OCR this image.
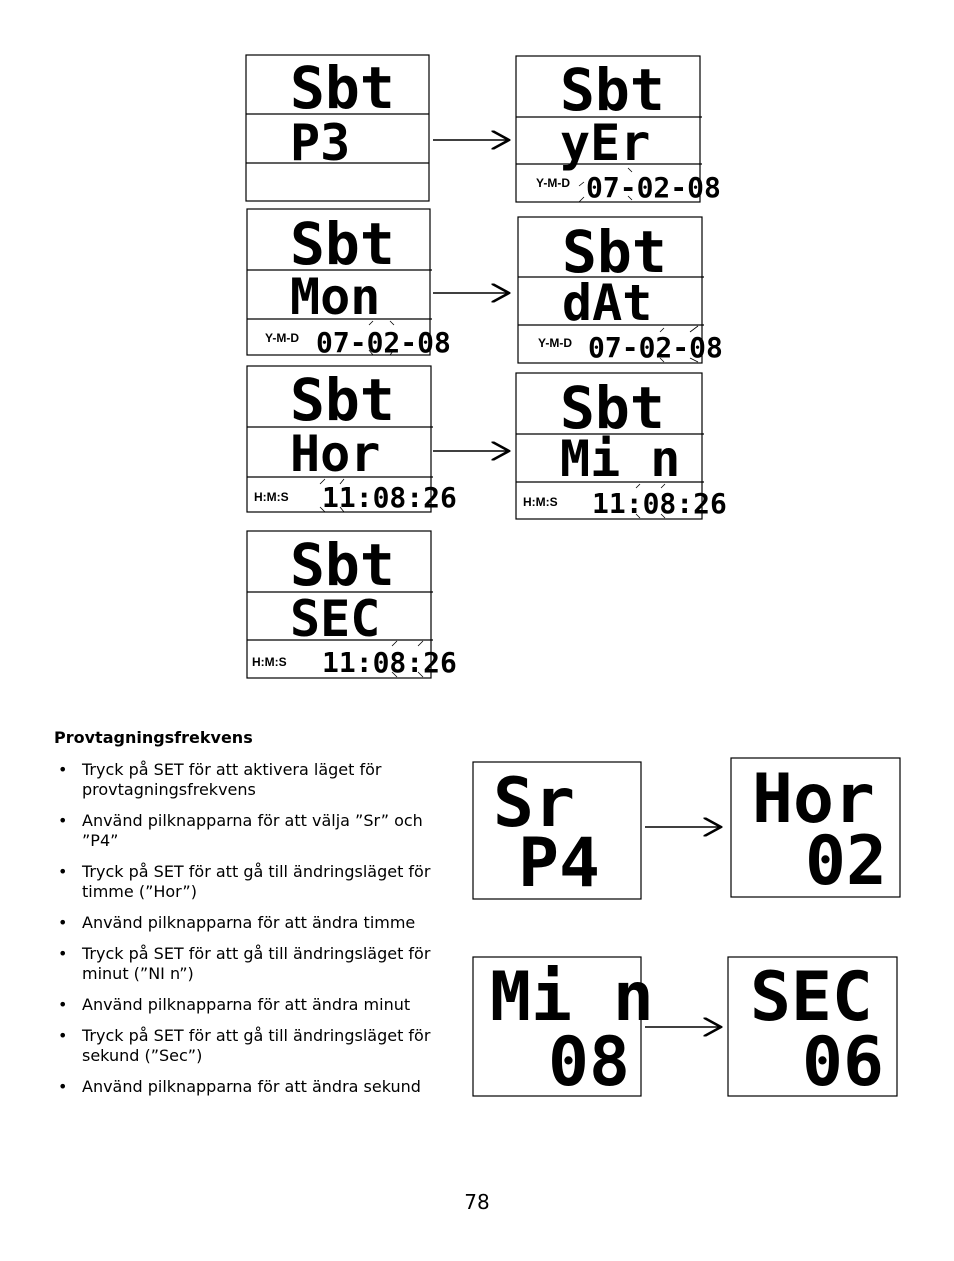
Sbt
P3
Sbt
yEr
Y-M-D 07-02-08
Sbt
Mon
Y-M-D 07-02-08
Sbt
dAt
Y-M-D 07-02-08
Sbt
Hor
H:M:S 11:08:26
Sbt
Mi n
H:M:S 11:08:26
Sbt
SEC
H:M:S 11:08:26
Sr
P4
Hor
02
Mi n
08
SEC
06
Provtagningsfrekvens
• Tryck på SET för att aktivera läget för provtagningsfrekvens
• Använd pilknapparna för att välja ”Sr” och ”P4”
• Tryck på SET för att gå till ändringsläget för timme (”Hor”)
• Använd pilknapparna för att ändra timme
• Tryck på SET för att gå till ändringsläget för minut (”NI n”)
• Använd pilknapparna för att ändra minut
• Tryck på SET för att gå till ändringsläget för sekund (”Sec”)
• Använd pilknapparna för att ändra sekund
78
